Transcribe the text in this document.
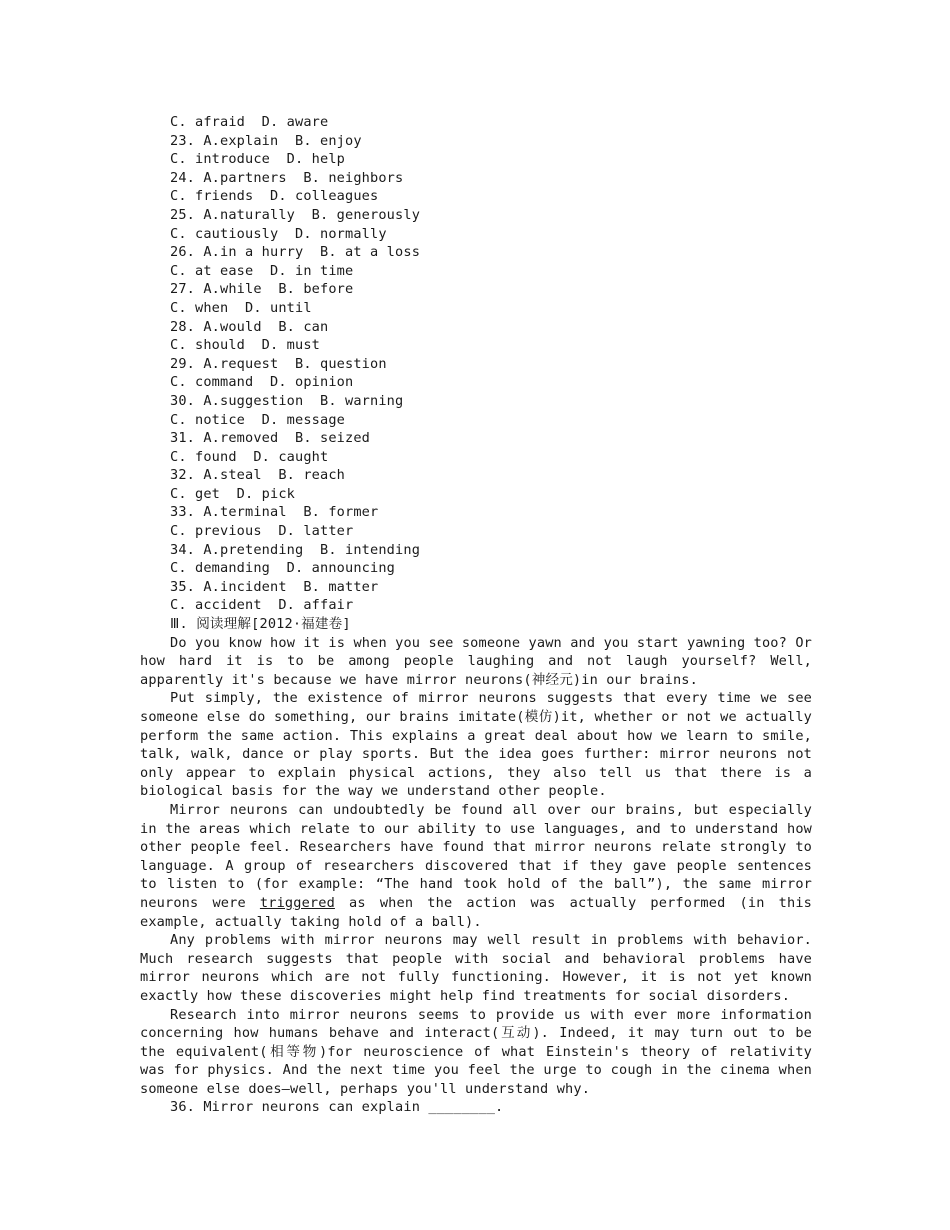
C. afraid  D. aware
23. A.explain  B. enjoy
C. introduce  D. help
24. A.partners  B. neighbors
C. friends  D. colleagues
25. A.naturally  B. generously
C. cautiously  D. normally
26. A.in a hurry  B. at a loss
C. at ease  D. in time
27. A.while  B. before
C. when  D. until
28. A.would  B. can
C. should  D. must
29. A.request  B. question
C. command  D. opinion
30. A.suggestion  B. warning
C. notice  D. message
31. A.removed  B. seized
C. found  D. caught
32. A.steal  B. reach
C. get  D. pick
33. A.terminal  B. former
C. previous  D. latter
34. A.pretending  B. intending
C. demanding  D. announcing
35. A.incident  B. matter
C. accident  D. affair
Ⅲ. 阅读理解[2012·福建卷]
Do you know how it is when you see someone yawn and you start yawning too? Or how hard it is to be among people laughing and not laugh yourself? Well, apparently it's because we have mirror neurons(神经元)in our brains.
Put simply, the existence of mirror neurons suggests that every time we see someone else do something, our brains imitate(模仿)it, whether or not we actually perform the same action. This explains a great deal about how we learn to smile, talk, walk, dance or play sports. But the idea goes further: mirror neurons not only appear to explain physical actions, they also tell us that there is a biological basis for the way we understand other people.
Mirror neurons can undoubtedly be found all over our brains, but especially in the areas which relate to our ability to use languages, and to understand how other people feel. Researchers have found that mirror neurons relate strongly to language. A group of researchers discovered that if they gave people sentences to listen to (for example: “The hand took hold of the ball”), the same mirror neurons were triggered as when the action was actually performed (in this example, actually taking hold of a ball).
Any problems with mirror neurons may well result in problems with behavior. Much research suggests that people with social and behavioral problems have mirror neurons which are not fully functioning. However, it is not yet known exactly how these discoveries might help find treatments for social disorders.
Research into mirror neurons seems to provide us with ever more information concerning how humans behave and interact(互动). Indeed, it may turn out to be the equivalent(相等物)for neuroscience of what Einstein's theory of relativity was for physics. And the next time you feel the urge to cough in the cinema when someone else does—well, perhaps you'll understand why.
36. Mirror neurons can explain ________.
